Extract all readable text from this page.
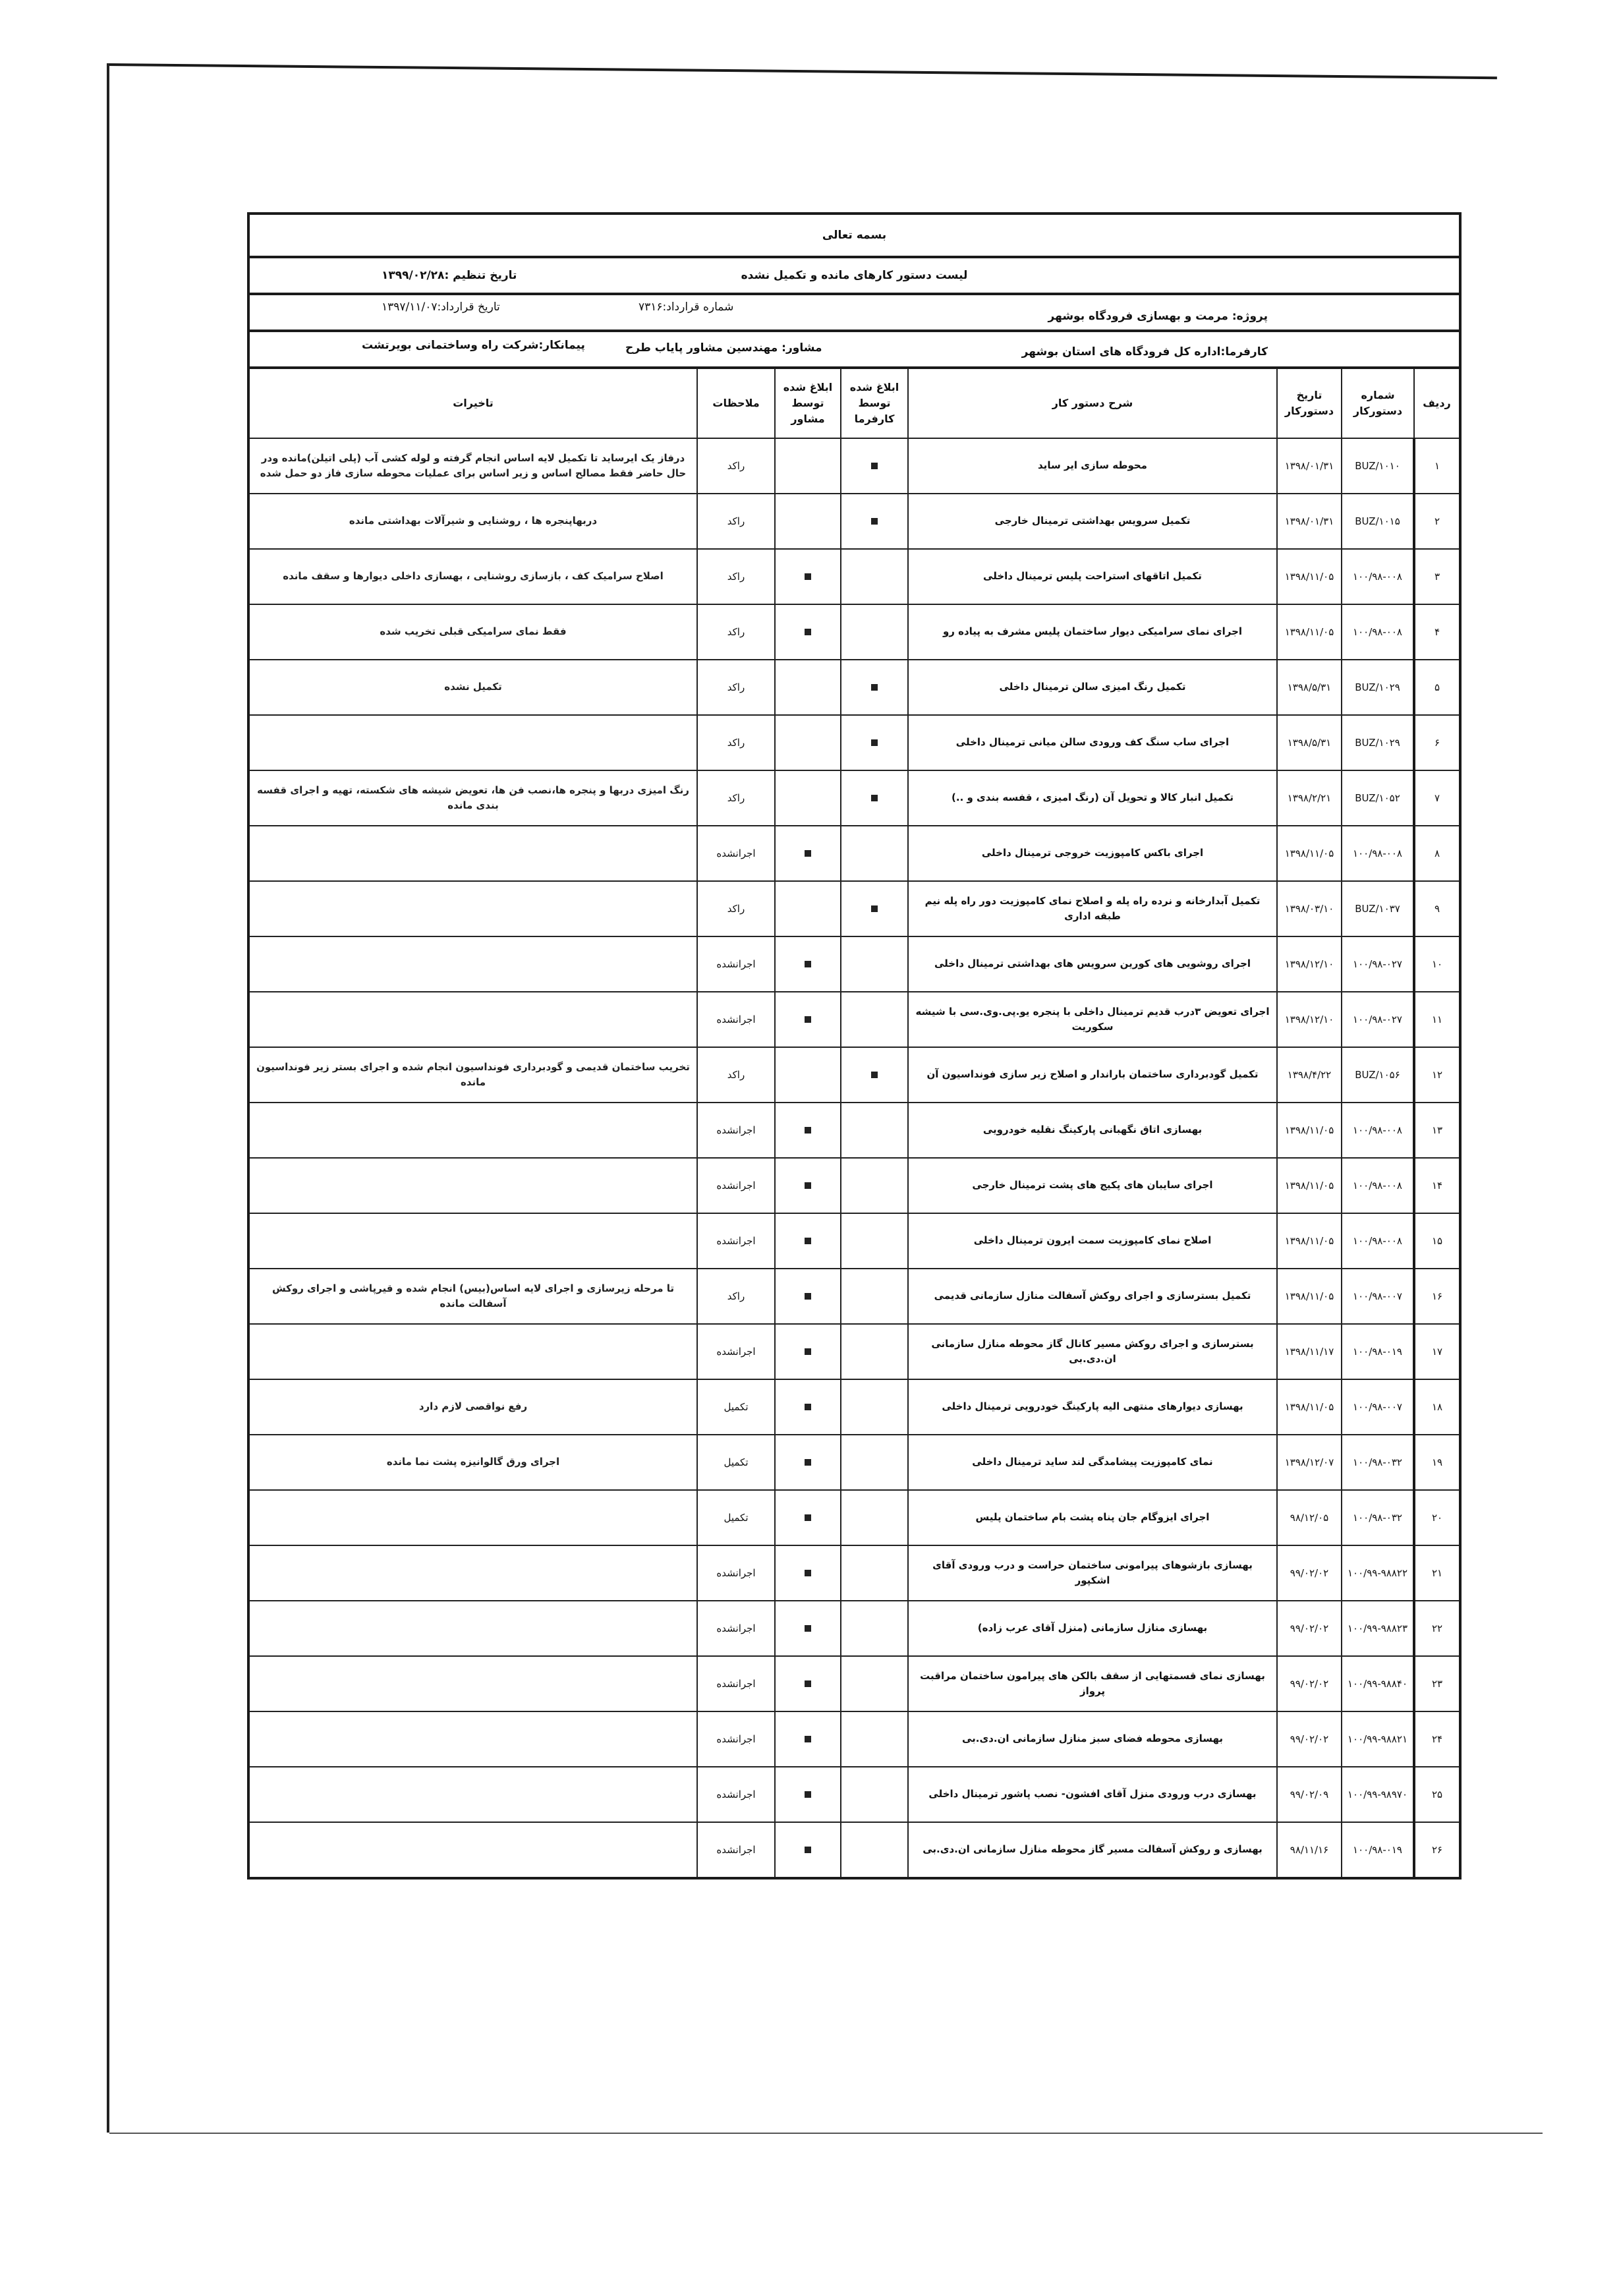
بسمه تعالی
لیست دستور کارهای مانده و تکمیل نشده
تاریخ تنظیم :۱۳۹۹/۰۲/۲۸
پروژه: مرمت و بهسازی فرودگاه بوشهر
شماره قرارداد:۷۳۱۶
تاریخ قرارداد:۱۳۹۷/۱۱/۰۷
کارفرما:اداره کل فرودگاه های استان بوشهر
مشاور: مهندسین مشاور پایاب طرح
پیمانکار:شرکت راه وساختمانی بویرتشت
ردیف	شماره دستورکار	تاریخ دستورکار	شرح دستور کار	ابلاغ شده توسط کارفرما	ابلاغ شده توسط مشاور	ملاحظات	تاخیرات
۱	BUZ/۱۰۱۰	۱۳۹۸/۰۱/۳۱	محوطه سازی ایر ساید			راکد	درفاز یک ایرساید تا تکمیل لایه اساس انجام گرفته و لوله کشی آب (پلی اتیلن)مانده ودر حال حاضر فقط مصالح اساس و زیر اساس برای عملیات محوطه سازی فاز دو حمل شده
۲	BUZ/۱۰۱۵	۱۳۹۸/۰۱/۳۱	تکمیل سرویس بهداشتی ترمینال خارجی			راکد	دربهاپنجره ها ، روشنایی و شیرآلات بهداشتی مانده
۳	۱۰۰/۹۸-۰۰۸	۱۳۹۸/۱۱/۰۵	تکمیل اتاقهای استراحت پلیس ترمینال داخلی			راکد	اصلاح سرامیک کف ، بازسازی روشنایی ، بهسازی داخلی دیوارها و سقف مانده
۴	۱۰۰/۹۸-۰۰۸	۱۳۹۸/۱۱/۰۵	اجرای نمای سرامیکی دیوار ساختمان پلیس مشرف به پیاده رو			راکد	فقط نمای سرامیکی قبلی تخریب شده
۵	BUZ/۱۰۲۹	۱۳۹۸/۵/۳۱	تکمیل رنگ امیزی سالن ترمینال داخلی			راکد	تکمیل نشده
۶	BUZ/۱۰۲۹	۱۳۹۸/۵/۳۱	اجرای ساب سنگ کف ورودی سالن میانی ترمینال داخلی			راکد	
۷	BUZ/۱۰۵۲	۱۳۹۸/۲/۲۱	تکمیل انبار کالا و تحویل آن (رنگ امیزی ، قفسه بندی و ..)			راکد	رنگ امیزی دربها و پنجره ها،نصب فن ها، تعویض شیشه های شکسته، تهیه و اجرای قفسه بندی مانده
۸	۱۰۰/۹۸-۰۰۸	۱۳۹۸/۱۱/۰۵	اجرای باکس کامپوزیت خروجی ترمینال داخلی			اجرانشده	
۹	BUZ/۱۰۳۷	۱۳۹۸/۰۳/۱۰	تکمیل آبدارخانه و نرده راه پله و اصلاح نمای کامپوزیت دور راه پله نیم طبقه اداری			راکد	
۱۰	۱۰۰/۹۸-۰۲۷	۱۳۹۸/۱۲/۱۰	اجرای روشویی های کورین سرویس های بهداشتی ترمینال داخلی			اجرانشده	
۱۱	۱۰۰/۹۸-۰۲۷	۱۳۹۸/۱۲/۱۰	اجرای تعویض ۳درب قدیم ترمینال داخلی با پنجره یو.پی.وی.سی با شیشه سکوریت			اجرانشده	
۱۲	BUZ/۱۰۵۶	۱۳۹۸/۴/۲۲	تکمیل گودبرداری ساختمان باراندار و اصلاح زیر سازی فونداسیون آن			راکد	تخریب ساختمان قدیمی و گودبرداری فونداسیون انجام شده و اجرای بستر زیر فونداسیون مانده
۱۳	۱۰۰/۹۸-۰۰۸	۱۳۹۸/۱۱/۰۵	بهسازی اتاق نگهبانی پارکینگ نقلیه خودرویی			اجرانشده	
۱۴	۱۰۰/۹۸-۰۰۸	۱۳۹۸/۱۱/۰۵	اجرای سایبان های پکیج های پشت ترمینال خارجی			اجرانشده	
۱۵	۱۰۰/۹۸-۰۰۸	۱۳۹۸/۱۱/۰۵	اصلاح نمای کامپوزیت سمت ایرون ترمینال داخلی			اجرانشده	
۱۶	۱۰۰/۹۸-۰۰۷	۱۳۹۸/۱۱/۰۵	تکمیل بسترسازی و اجرای روکش آسفالت منازل سازمانی قدیمی			راکد	تا مرحله زیرسازی و اجرای لایه اساس(بیس) انجام شده و قیرپاشی و اجرای روکش آسفالت مانده
۱۷	۱۰۰/۹۸-۰۱۹	۱۳۹۸/۱۱/۱۷	بسترسازی و اجرای روکش مسیر کانال گاز محوطه منازل سازمانی ان.دی.بی			اجرانشده	
۱۸	۱۰۰/۹۸-۰۰۷	۱۳۹۸/۱۱/۰۵	بهسازی دیوارهای منتهی الیه پارکینگ خودرویی ترمینال داخلی			تکمیل	رفع نواقصی لازم دارد
۱۹	۱۰۰/۹۸-۰۳۲	۱۳۹۸/۱۲/۰۷	نمای کامپوزیت پیشامدگی لند ساید ترمینال داخلی			تکمیل	اجرای ورق گالوانیزه پشت نما مانده
۲۰	۱۰۰/۹۸-۰۳۲	۹۸/۱۲/۰۵	اجرای ایزوگام جان پناه پشت بام ساختمان پلیس			تکمیل	
۲۱	۱۰۰/۹۹-۹۸۸۲۲	۹۹/۰۲/۰۲	بهسازی بازشوهای پیرامونی ساختمان حراست و درب ورودی آقای اشکپور			اجرانشده	
۲۲	۱۰۰/۹۹-۹۸۸۲۳	۹۹/۰۲/۰۲	بهسازی منازل سازمانی (منزل آقای عرب زاده)			اجرانشده	
۲۳	۱۰۰/۹۹-۹۸۸۴۰	۹۹/۰۲/۰۲	بهسازی نمای قسمتهایی از سقف بالکن های پیرامون ساختمان مراقبت پرواز			اجرانشده	
۲۴	۱۰۰/۹۹-۹۸۸۲۱	۹۹/۰۲/۰۲	بهسازی محوطه فضای سبز منازل سازمانی ان.دی.بی			اجرانشده	
۲۵	۱۰۰/۹۹-۹۸۹۷۰	۹۹/۰۲/۰۹	بهسازی درب ورودی منزل آقای افشون- نصب پاشور ترمینال داخلی			اجرانشده	
۲۶	۱۰۰/۹۸-۰۱۹	۹۸/۱۱/۱۶	بهسازی و روکش آسفالت مسیر گاز محوطه منازل سازمانی ان.دی.بی			اجرانشده	
